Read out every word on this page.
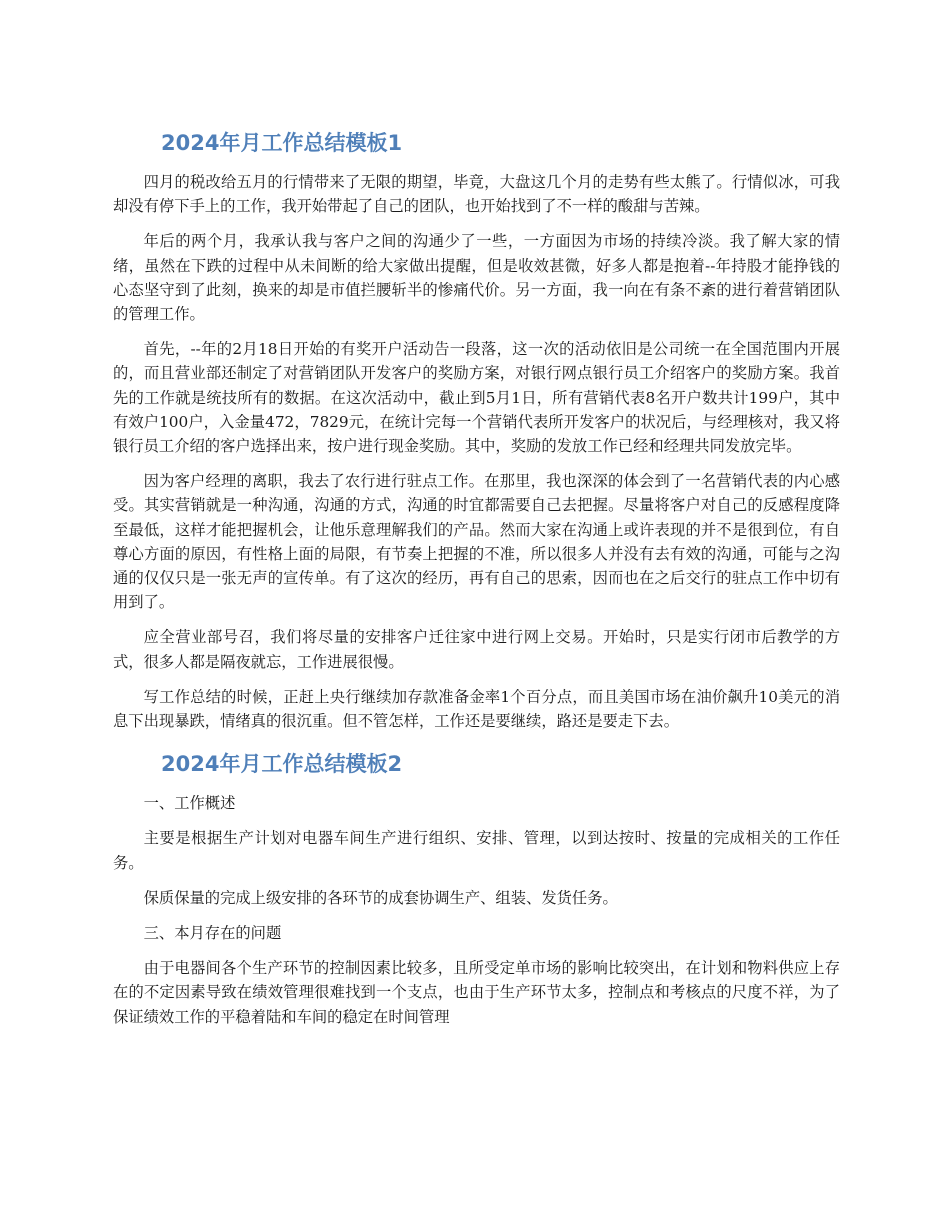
2024年月工作总结模板1

四月的税改给五月的行情带来了无限的期望，毕竟，大盘这几个月的走势有些太熊了。行情似冰，可我却没有停下手上的工作，我开始带起了自己的团队，也开始找到了不一样的酸甜与苦辣。

年后的两个月，我承认我与客户之间的沟通少了一些，一方面因为市场的持续冷淡。我了解大家的情绪，虽然在下跌的过程中从未间断的给大家做出提醒，但是收效甚微，好多人都是抱着--年持股才能挣钱的心态坚守到了此刻，换来的却是市值拦腰斩半的惨痛代价。另一方面，我一向在有条不紊的进行着营销团队的管理工作。

首先，--年的2月18日开始的有奖开户活动告一段落，这一次的活动依旧是公司统一在全国范围内开展的，而且营业部还制定了对营销团队开发客户的奖励方案，对银行网点银行员工介绍客户的奖励方案。我首先的工作就是统技所有的数据。在这次活动中，截止到5月1日，所有营销代表8名开户数共计199户，其中有效户100户，入金量472，7829元，在统计完每一个营销代表所开发客户的状况后，与经理核对，我又将银行员工介绍的客户选择出来，按户进行现金奖励。其中，奖励的发放工作已经和经理共同发放完毕。

因为客户经理的离职，我去了农行进行驻点工作。在那里，我也深深的体会到了一名营销代表的内心感受。其实营销就是一种沟通，沟通的方式，沟通的时宜都需要自己去把握。尽量将客户对自己的反感程度降至最低，这样才能把握机会，让他乐意理解我们的产品。然而大家在沟通上或许表现的并不是很到位，有自尊心方面的原因，有性格上面的局限，有节奏上把握的不准，所以很多人并没有去有效的沟通，可能与之沟通的仅仅只是一张无声的宣传单。有了这次的经历，再有自己的思索，因而也在之后交行的驻点工作中切有用到了。

应全营业部号召，我们将尽量的安排客户迁往家中进行网上交易。开始时，只是实行闭市后教学的方式，很多人都是隔夜就忘，工作进展很慢。

写工作总结的时候，正赶上央行继续加存款准备金率1个百分点，而且美国市场在油价飙升10美元的消息下出现暴跌，情绪真的很沉重。但不管怎样，工作还是要继续，路还是要走下去。

2024年月工作总结模板2

一、工作概述

主要是根据生产计划对电器车间生产进行组织、安排、管理，以到达按时、按量的完成相关的工作任务。

保质保量的完成上级安排的各环节的成套协调生产、组装、发货任务。

三、本月存在的问题

由于电器间各个生产环节的控制因素比较多，且所受定单市场的影响比较突出，在计划和物料供应上存在的不定因素导致在绩效管理很难找到一个支点，也由于生产环节太多，控制点和考核点的尺度不祥，为了保证绩效工作的平稳着陆和车间的稳定在时间管理
